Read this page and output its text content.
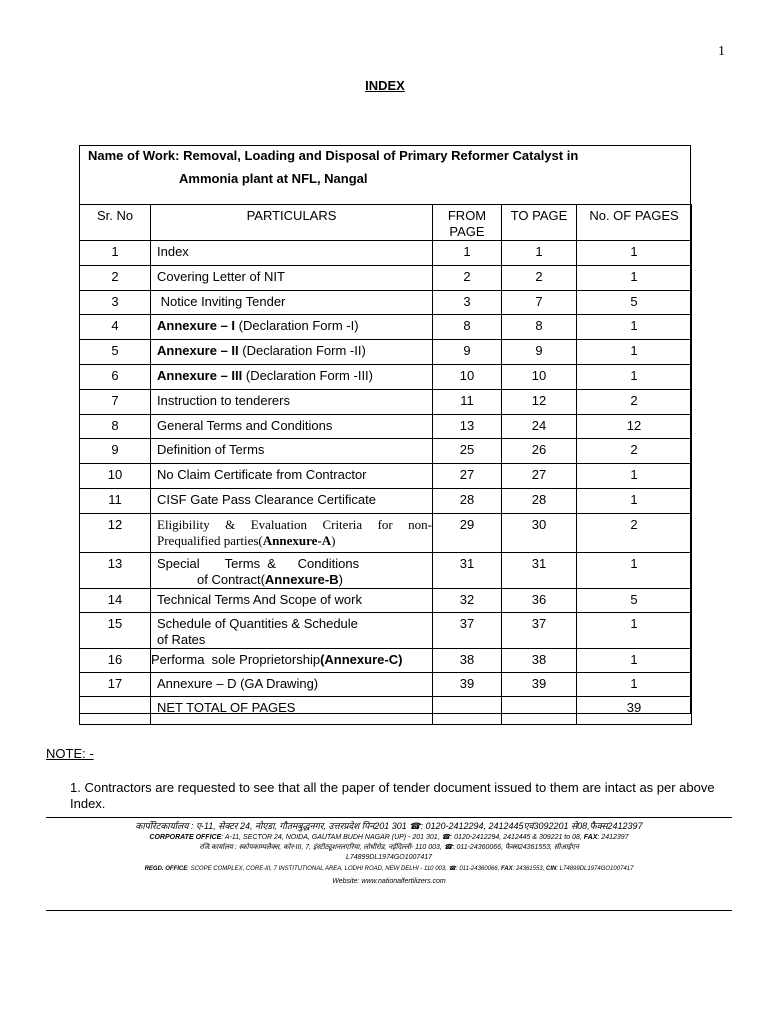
1
INDEX
Name of Work: Removal, Loading and Disposal of Primary Reformer Catalyst in
Ammonia plant at NFL, Nangal
Sr. No	PARTICULARS	FROM PAGE	TO PAGE	No. OF PAGES
1	Index	1	1	1
2	Covering Letter of NIT	2	2	1
3	Notice Inviting Tender	3	7	5
4	Annexure – I (Declaration Form -I)	8	8	1
5	Annexure – II (Declaration Form -II)	9	9	1
6	Annexure – III (Declaration Form -III)	10	10	1
7	Instruction to tenderers	11	12	2
8	General Terms and Conditions	13	24	12
9	Definition of Terms	25	26	2
10	No Claim Certificate from Contractor	27	27	1
11	CISF Gate Pass Clearance Certificate	28	28	1
12	Eligibility & Evaluation Criteria for non-
Prequalified parties(Annexure-A)	29	30	2
13	Special       Terms  &      Conditions
of Contract(Annexure-B)	31	31	1
14	Technical Terms And Scope of work	32	36	5
15	Schedule of Quantities & Schedule
of Rates	37	37	1
16	Performa  sole Proprietorship(Annexure-C)	38	38	1
17	Annexure – D (GA Drawing)	39	39	1
	NET TOTAL OF PAGES			39
NOTE: -
1. Contractors are requested to see that all the paper of tender document issued to them are intact as per above Index.
कार्पोरेटकार्यालय : ए-11, सेक्टर 24, नोएडा, गौतमबुद्धनगर, उत्तरप्रदेश पिन201 301 ☎: 0120-2412294, 2412445एवं3092201 से08,फैक्स2412397
CORPORATE OFFICE: A-11, SECTOR 24, NOIDA, GAUTAM BUDH NAGAR (UP) - 201 301, ☎: 0120-2412294, 2412445 & 309221 to 08, FAX: 2412397
रजि.कार्यालय : स्कोपकाम्पलैक्स, कोर-III, 7, इंस्टीट्यूशनलएरिया, लोधीरोड, नईदिल्ली- 110 003, ☎: 011-24360066, फैक्स24361553, सीआईएन
L74899DL1974GO1007417
REGD. OFFICE: SCOPE COMPLEX, CORE-III, 7 INSTITUTIONAL AREA, LODHI ROAD, NEW DELHI - 110 003, ☎: 011-24360066, FAX: 24361553, CIN: L74899DL1974GO1007417
Website: www.nationalfertilizers.com
